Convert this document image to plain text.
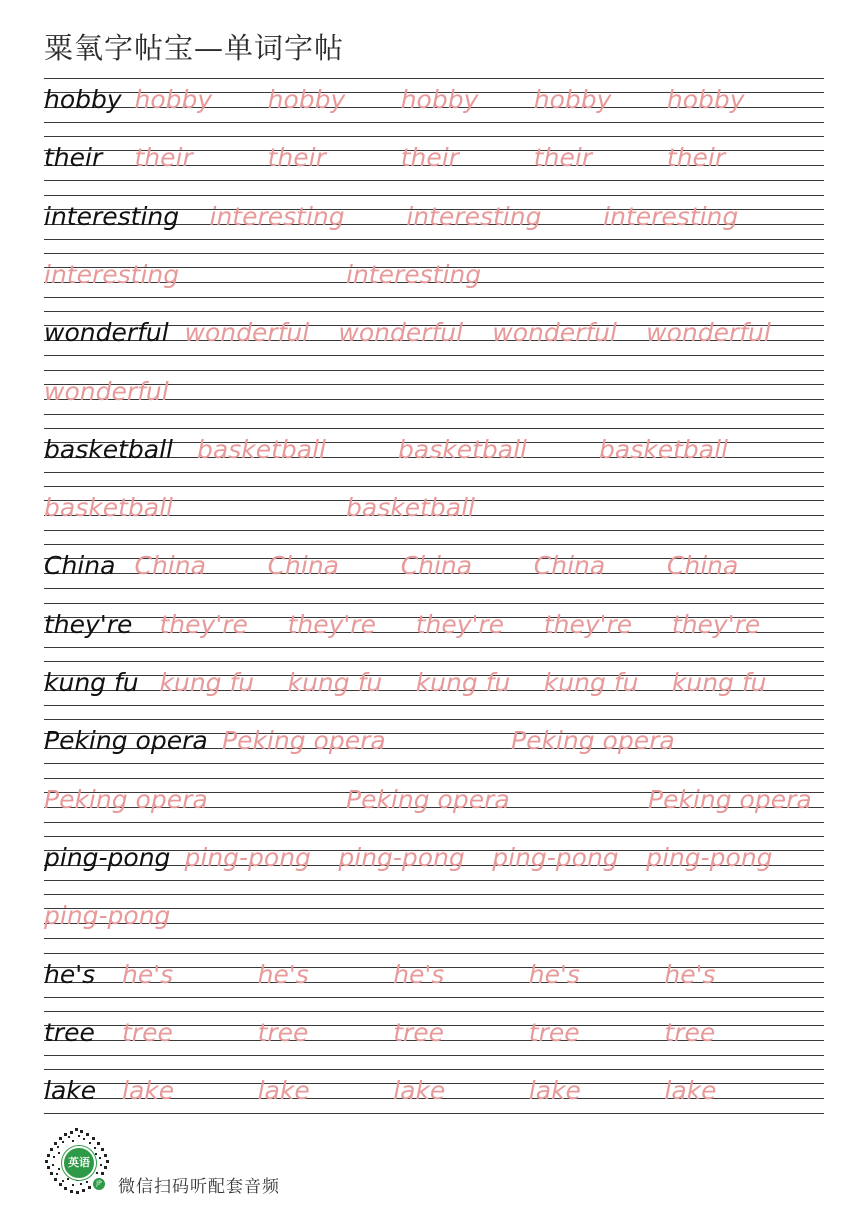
粟氧字帖宝—单词字帖
hobby hobby hobby hobby hobby hobby
their their	their	their	their	their
interesting interesting interesting interesting
interesting	interesting
wonderful wonderful wonderful wonderful wonderful
wonderful
basketball basketball	basketball	basketball
basketball	basketball
China China China China China China
they're they're they're they're they're they're
kung fu kung fu kung fu kung fu kung fu kung fu
Peking opera Peking opera	Peking opera
Peking opera	Peking opera	Peking opera
ping-pong ping-pong ping-pong ping-pong ping-pong
ping-pong
he's he's	he's	he's	he's	he's
tree tree	tree	tree	tree	tree
lake lake	lake	lake	lake	lake
英语
JP 微信扫码听配套音频
